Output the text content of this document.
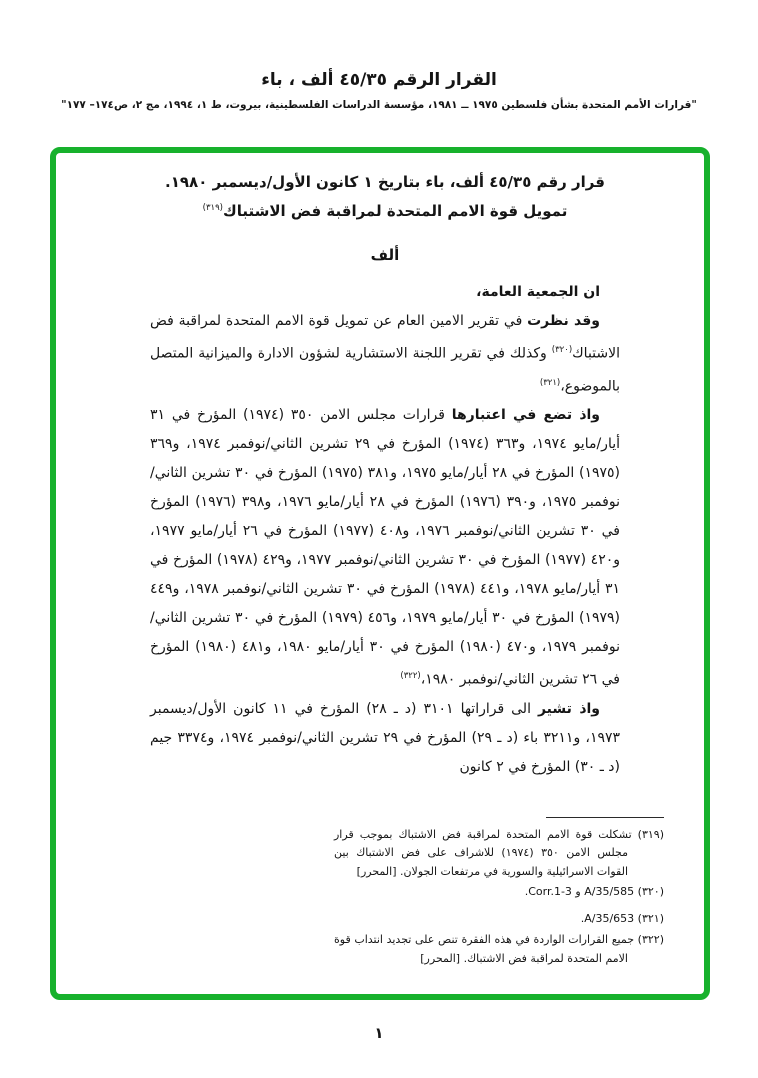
القرار الرقم ٤٥/٣٥ ألف ، باء
"قرارات الأمم المتحدة بشأن فلسطين ١٩٧٥ ــ ١٩٨١، مؤسسة الدراسات الفلسطينية، بيروت، ط ١، ١٩٩٤، مج ٢، ص١٧٤– ١٧٧"
قرار رقم ٤٥/٣٥ ألف، باء بتاريخ ١ كانون الأول/ديسمبر ١٩٨٠.
تمويل قوة الامم المتحدة لمراقبة فض الاشتباك$^{(٣١٩)}$
ألف

ان الجمعية العامة،

وقد نظرت في تقرير الامين العام عن تمويل قوة الامم المتحدة لمراقبة فض الاشتباك$^{(٣٢٠)}$ وكذلك في تقرير اللجنة الاستشارية لشؤون الادارة والميزانية المتصل بالموضوع،$^{(٣٢١)}$

واذ تضع في اعتبارها قرارات مجلس الامن ٣٥٠ (١٩٧٤) المؤرخ في ٣١ أيار/مايو ١٩٧٤، و٣٦٣ (١٩٧٤) المؤرخ في ٢٩ تشرين الثاني/نوفمبر ١٩٧٤، و٣٦٩ (١٩٧٥) المؤرخ في ٢٨ أيار/مايو ١٩٧٥، و٣٨١ (١٩٧٥) المؤرخ في ٣٠ تشرين الثاني/نوفمبر ١٩٧٥، و٣٩٠ (١٩٧٦) المؤرخ في ٢٨ أيار/مايو ١٩٧٦، و٣٩٨ (١٩٧٦) المؤرخ في ٣٠ تشرين الثاني/نوفمبر ١٩٧٦، و٤٠٨ (١٩٧٧) المؤرخ في ٢٦ أيار/مايو ١٩٧٧، و٤٢٠ (١٩٧٧) المؤرخ في ٣٠ تشرين الثاني/نوفمبر ١٩٧٧، و٤٢٩ (١٩٧٨) المؤرخ في ٣١ أيار/مايو ١٩٧٨، و٤٤١ (١٩٧٨) المؤرخ في ٣٠ تشرين الثاني/نوفمبر ١٩٧٨، و٤٤٩ (١٩٧٩) المؤرخ في ٣٠ أيار/مايو ١٩٧٩، و٤٥٦ (١٩٧٩) المؤرخ في ٣٠ تشرين الثاني/نوفمبر ١٩٧٩، و٤٧٠ (١٩٨٠) المؤرخ في ٣٠ أيار/مايو ١٩٨٠، و٤٨١ (١٩٨٠) المؤرخ في ٢٦ تشرين الثاني/نوفمبر ١٩٨٠،$^{(٣٢٢)}$

واذ تشير الى قراراتها ٣١٠١ (د ـ ٢٨) المؤرخ في ١١ كانون الأول/ديسمبر ١٩٧٣، و٣٢١١ باء (د ـ ٢٩) المؤرخ في ٢٩ تشرين الثاني/نوفمبر ١٩٧٤، و٣٣٧٤ جيم (د ـ ٣٠) المؤرخ في ٢ كانون

(٣١٩) تشكلت قوة الامم المتحدة لمراقبة فض الاشتباك بموجب قرار مجلس الامن ٣٥٠ (١٩٧٤) للاشراف على فض الاشتباك بين القوات الاسرائيلية والسورية في مرتفعات الجولان. [المحرر]
(٣٢٠) A/35/585 و Corr.1-3.
(٣٢١) A/35/653.
(٣٢٢) جميع القرارات الواردة في هذه الفقرة تنص على تجديد انتداب قوة الامم المتحدة لمراقبة فض الاشتباك. [المحرر]
١
